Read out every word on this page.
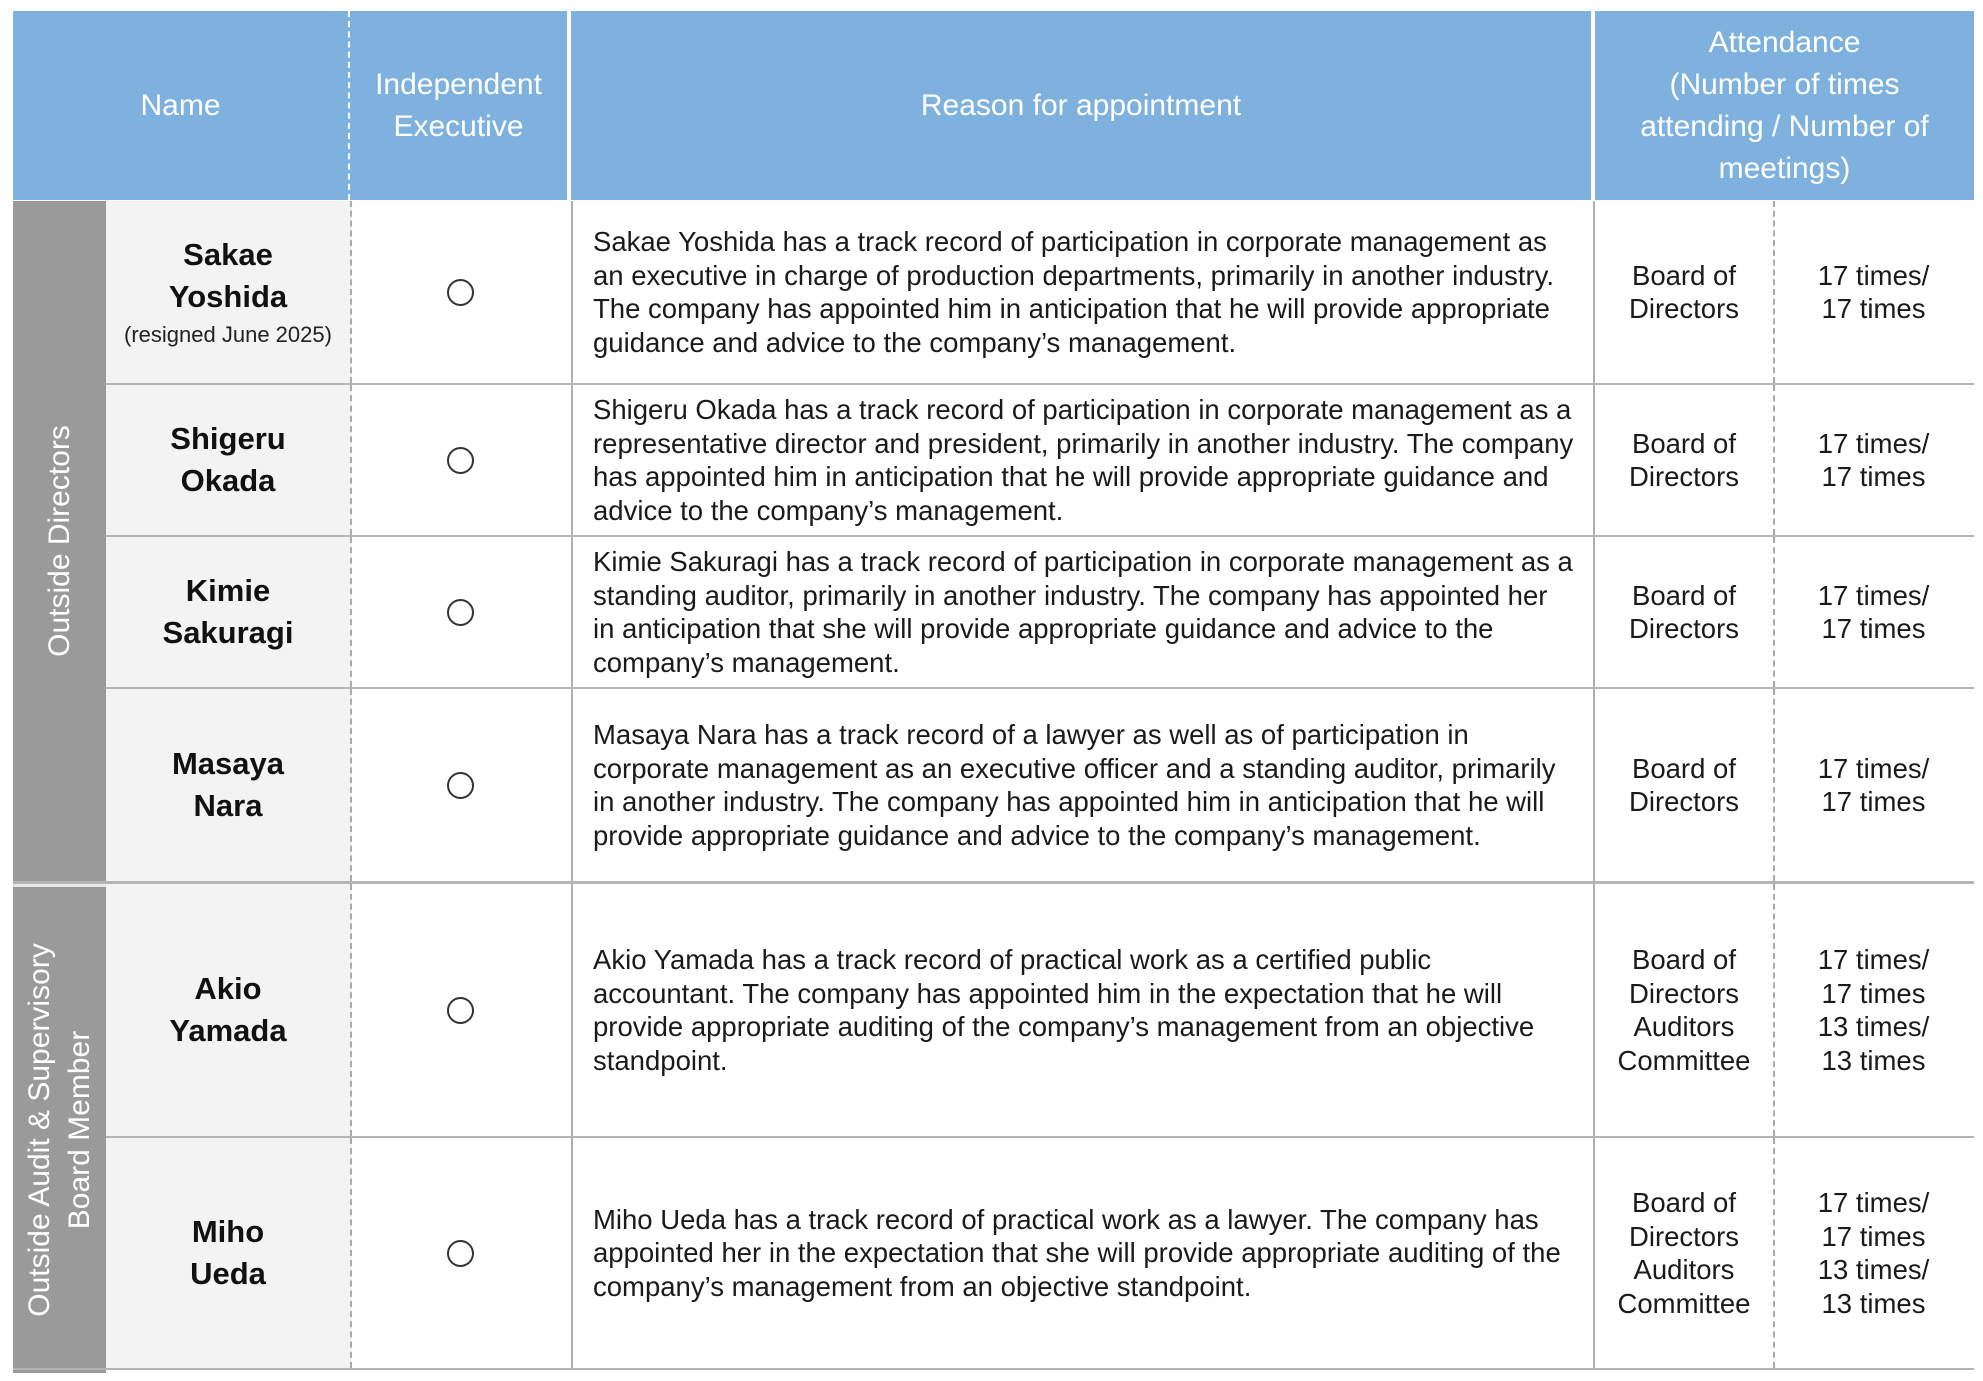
Name
Independent
Executive
Reason for appointment
Attendance
(Number of times
attending / Number of
meetings)
Outside Directors
Outside Audit & Supervisory Board Member
Sakae
Yoshida
(resigned June 2025)
Sakae Yoshida has a track record of participation in corporate management as an executive in charge of production departments, primarily in another industry. The company has appointed him in anticipation that he will provide appropriate guidance and advice to the company’s management.
Board of
Directors
17 times/
17 times
Shigeru
Okada
Shigeru Okada has a track record of participation in corporate management as a representative director and president, primarily in another industry. The company has appointed him in anticipation that he will provide appropriate guidance and advice to the company’s management.
Board of
Directors
17 times/
17 times
Kimie
Sakuragi
Kimie Sakuragi has a track record of participation in corporate management as a standing auditor, primarily in another industry. The company has appointed her in anticipation that she will provide appropriate guidance and advice to the company’s management.
Board of
Directors
17 times/
17 times
Masaya
Nara
Masaya Nara has a track record of a lawyer as well as of participation in corporate management as an executive officer and a standing auditor, primarily in another industry. The company has appointed him in anticipation that he will provide appropriate guidance and advice to the company’s management.
Board of
Directors
17 times/
17 times
Akio
Yamada
Akio Yamada has a track record of practical work as a certified public accountant. The company has appointed him in the expectation that he will provide appropriate auditing of the company’s management from an objective standpoint.
Board of
Directors
Auditors
Committee
17 times/
17 times
13 times/
13 times
Miho
Ueda
Miho Ueda has a track record of practical work as a lawyer. The company has appointed her in the expectation that she will provide appropriate auditing of the company’s management from an objective standpoint.
Board of
Directors
Auditors
Committee
17 times/
17 times
13 times/
13 times
